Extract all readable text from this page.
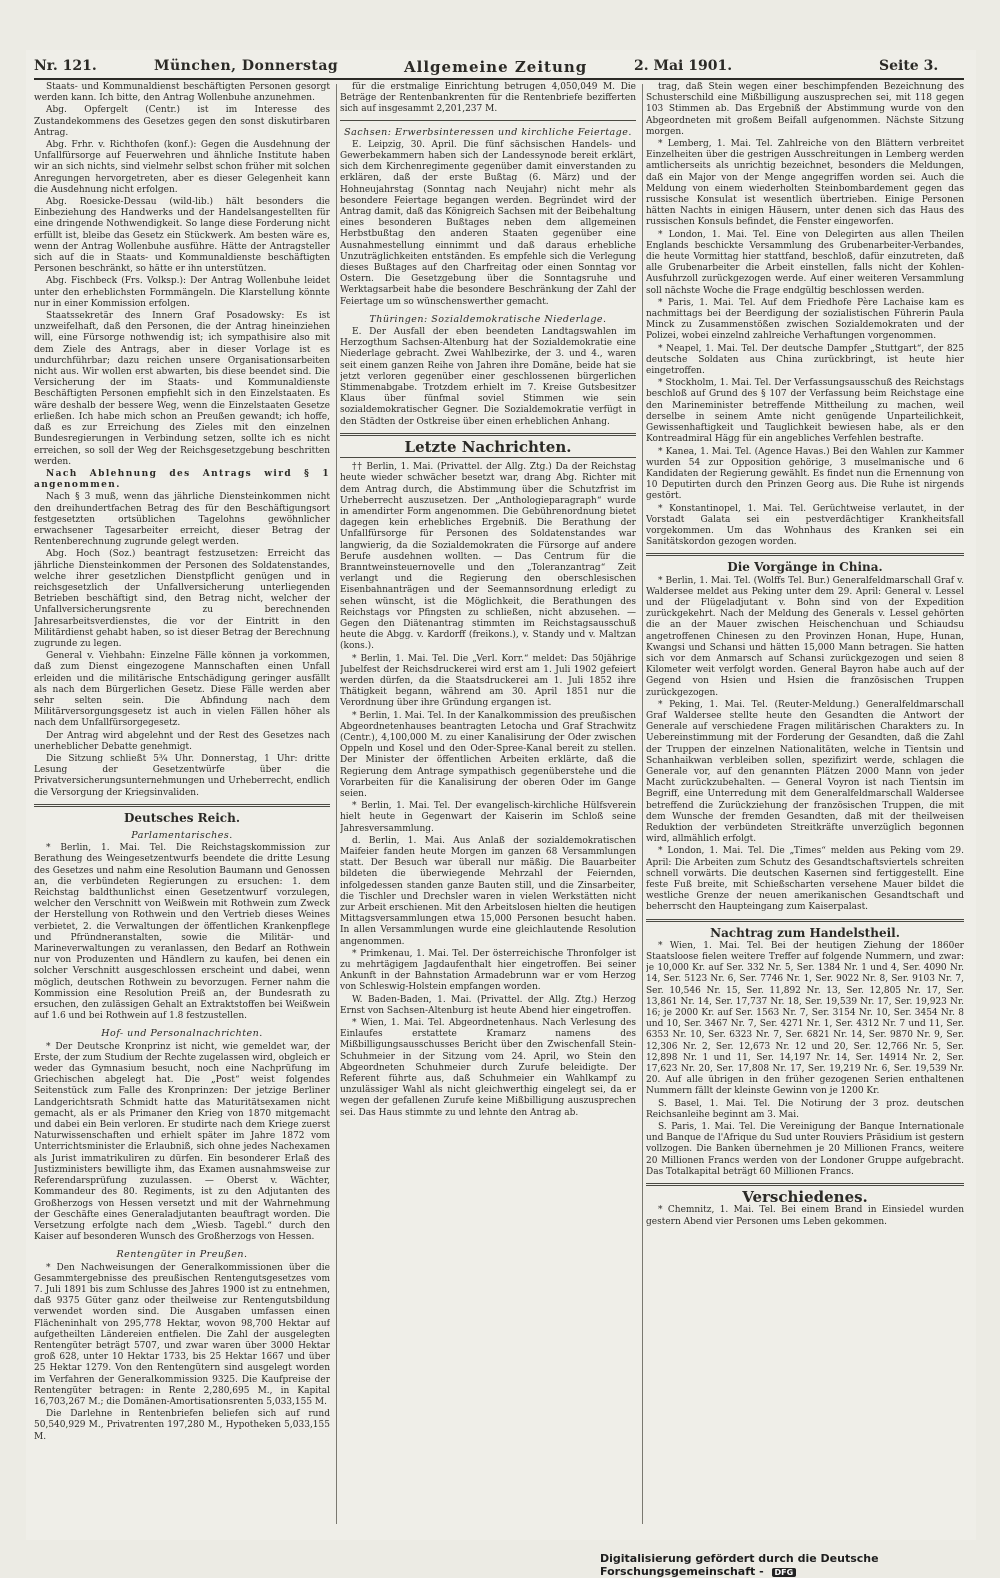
Nr. 121.	München, Donnerstag	Allgemeine Zeitung	2. Mai 1901.	Seite 3.

Staats- und Kommunaldienst beschäftigten Personen gesorgt werden kann. Ich bitte, den Antrag Wollenbuhe anzunehmen.

Abg. Opfergelt (Centr.) ist im Interesse des Zustandekommens des Gesetzes gegen den sonst diskutirbaren Antrag.

Abg. Frhr. v. Richthofen (konf.): Gegen die Ausdehnung der Unfallfürsorge auf Feuerwehren und ähnliche Institute haben wir an sich nichts, sind vielmehr selbst schon früher mit solchen Anregungen hervorgetreten, aber es dieser Gelegenheit kann die Ausdehnung nicht erfolgen.

Abg. Roesicke-Dessau (wild-lib.) hält besonders die Einbeziehung des Handwerks und der Handelsangestellten für eine dringende Nothwendigkeit. So lange diese Forderung nicht erfüllt ist, bleibe das Gesetz ein Stückwerk. Am besten wäre es, wenn der Antrag Wollenbuhe ausführe. Hätte der Antragsteller sich auf die in Staats- und Kommunaldienste beschäftigten Personen beschränkt, so hätte er ihn unterstützen.

Abg. Fischbeck (Frs. Volksp.): Der Antrag Wollenbuhe leidet unter den erheblichsten Formmängeln. Die Klarstellung könnte nur in einer Kommission erfolgen.

Staatssekretär des Innern Graf Posadowsky: Es ist unzweifelhaft, daß den Personen, die der Antrag hineinziehen will, eine Fürsorge nothwendig ist; ich sympathisire also mit dem Ziele des Antrags, aber in dieser Vorlage ist es undurchführbar; dazu reichen unsere Organisationsarbeiten nicht aus. Wir wollen erst abwarten, bis diese beendet sind. Die Versicherung der im Staats- und Kommunaldienste Beschäftigten Personen empfiehlt sich in den Einzelstaaten. Es wäre deshalb der bessere Weg, wenn die Einzelstaaten Gesetze erließen. Ich habe mich schon an Preußen gewandt; ich hoffe, daß es zur Erreichung des Zieles mit den einzelnen Bundesregierungen in Verbindung setzen, sollte ich es nicht erreichen, so soll der Weg der Reichsgesetzgebung beschritten werden.

Nach Ablehnung des Antrags wird § 1 angenommen.

Nach § 3 muß, wenn das jährliche Diensteinkommen nicht den dreihundertfachen Betrag des für den Beschäftigungsort festgesetzten ortsüblichen Tagelohns gewöhnlicher erwachsener Tagesarbeiter erreicht, dieser Betrag der Rentenberechnung zugrunde gelegt werden.

Abg. Hoch (Soz.) beantragt festzusetzen: Erreicht das jährliche Diensteinkommen der Personen des Soldatenstandes, welche ihrer gesetzlichen Dienstpflicht genügen und in reichsgesetzlich der Unfallversicherung unterliegenden Betrieben beschäftigt sind, den Betrag nicht, welcher der Unfallversicherungsrente zu berechnenden Jahresarbeitsverdienstes, die vor der Eintritt in den Militärdienst gehabt haben, so ist dieser Betrag der Berechnung zugrunde zu legen.

General v. Viehbahn: Einzelne Fälle können ja vorkommen, daß zum Dienst eingezogene Mannschaften einen Unfall erleiden und die militärische Entschädigung geringer ausfällt als nach dem Bürgerlichen Gesetz. Diese Fälle werden aber sehr selten sein. Die Abfindung nach dem Militärversorgungsgesetz ist auch in vielen Fällen höher als nach dem Unfallfürsorgegesetz.

Der Antrag wird abgelehnt und der Rest des Gesetzes nach unerheblicher Debatte genehmigt.

Die Sitzung schließt 5¾ Uhr. Donnerstag, 1 Uhr: dritte Lesung der Gesetzentwürfe über die Privatversicherungsunternehmungen und Urheberrecht, endlich die Versorgung der Kriegsinvaliden.

Deutsches Reich.
Parlamentarisches.

* Berlin, 1. Mai. Tel. Die Reichstagskommission zur Berathung des Weingesetzentwurfs beendete die dritte Lesung des Gesetzes und nahm eine Resolution Baumann und Genossen an, die verbündeten Regierungen zu ersuchen: 1. dem Reichstag baldthunlichst einen Gesetzentwurf vorzulegen, welcher den Verschnitt von Weißwein mit Rothwein zum Zweck der Herstellung von Rothwein und den Vertrieb dieses Weines verbietet, 2. die Verwaltungen der öffentlichen Krankenpflege und Pfründneranstalten, sowie die Militär- und Marineverwaltungen zu veranlassen, den Bedarf an Rothwein nur von Produzenten und Händlern zu kaufen, bei denen ein solcher Verschnitt ausgeschlossen erscheint und dabei, wenn möglich, deutschen Rothwein zu bevorzugen. Ferner nahm die Kommission eine Resolution Preiß an, der Bundesrath zu ersuchen, den zulässigen Gehalt an Extraktstoffen bei Weißwein auf 1.6 und bei Rothwein auf 1.8 festzustellen.

Hof- und Personalnachrichten.

* Der Deutsche Kronprinz ist nicht, wie gemeldet war, der Erste, der zum Studium der Rechte zugelassen wird, obgleich er weder das Gymnasium besucht, noch eine Nachprüfung im Griechischen abgelegt hat. Die „Post“ weist folgendes Seitenstück zum Falle des Kronprinzen: Der jetzige Berliner Landgerichtsrath Schmidt hatte das Maturitätsexamen nicht gemacht, als er als Primaner den Krieg von 1870 mitgemacht und dabei ein Bein verloren. Er studirte nach dem Kriege zuerst Naturwissenschaften und erhielt später im Jahre 1872 vom Unterrichtsminister die Erlaubniß, sich ohne jedes Nachexamen als Jurist immatrikuliren zu dürfen. Ein besonderer Erlaß des Justizministers bewilligte ihm, das Examen ausnahmsweise zur Referendarsprüfung zuzulassen. — Oberst v. Wächter, Kommandeur des 80. Regiments, ist zu den Adjutanten des Großherzogs von Hessen versetzt und mit der Wahrnehmung der Geschäfte eines Generaladjutanten beauftragt worden. Die Versetzung erfolgte nach dem „Wiesb. Tagebl.“ durch den Kaiser auf besonderen Wunsch des Großherzogs von Hessen.

Rentengüter in Preußen.

* Den Nachweisungen der Generalkommissionen über die Gesammtergebnisse des preußischen Rentengutsgesetzes vom 7. Juli 1891 bis zum Schlusse des Jahres 1900 ist zu entnehmen, daß 9375 Güter ganz oder theilweise zur Rentengutsbildung verwendet worden sind. Die Ausgaben umfassen einen Flächeninhalt von 295,778 Hektar, wovon 98,700 Hektar auf aufgetheilten Ländereien entfielen. Die Zahl der ausgelegten Rentengüter beträgt 5707, und zwar waren über 3000 Hektar groß 628, unter 10 Hektar 1733, bis 25 Hektar 1667 und über 25 Hektar 1279. Von den Rentengütern sind ausgelegt worden im Verfahren der Generalkommission 9325. Die Kaufpreise der Rentengüter betragen: in Rente 2,280,695 M., in Kapital 16,703,267 M.; die Domänen-Amortisationsrenten 5,033,155 M.

Die Darlehne in Rentenbriefen beliefen sich auf rund 50,540,929 M., Privatrenten 197,280 M., Hypotheken 5,033,155 M.

für die erstmalige Einrichtung betrugen 4,050,049 M. Die Beträge der Rentenbankrenten für die Rentenbriefe bezifferten sich auf insgesammt 2,201,237 M.

Sachsen: Erwerbsinteressen und kirchliche Feiertage.

E. Leipzig, 30. April. Die fünf sächsischen Handels- und Gewerbekammern haben sich der Landessynode bereit erklärt, sich dem Kirchenregimente gegenüber damit einverstanden zu erklären, daß der erste Bußtag (6. März) und der Hohneujahrstag (Sonntag nach Neujahr) nicht mehr als besondere Feiertage begangen werden. Begründet wird der Antrag damit, daß das Königreich Sachsen mit der Beibehaltung eines besonderen Bußtages neben dem allgemeinen Herbstbußtag den anderen Staaten gegenüber eine Ausnahmestellung einnimmt und daß daraus erhebliche Unzuträglichkeiten entständen. Es empfehle sich die Verlegung dieses Bußtages auf den Charfreitag oder einen Sonntag vor Ostern. Die Gesetzgebung über die Sonntagsruhe und Werktagsarbeit habe die besondere Beschränkung der Zahl der Feiertage um so wünschenswerther gemacht.

Thüringen: Sozialdemokratische Niederlage.

E. Der Ausfall der eben beendeten Landtagswahlen im Herzogthum Sachsen-Altenburg hat der Sozialdemokratie eine Niederlage gebracht. Zwei Wahlbezirke, der 3. und 4., waren seit einem ganzen Reihe von Jahren ihre Domäne, beide hat sie jetzt verloren gegenüber einer geschlossenen bürgerlichen Stimmenabgabe. Trotzdem erhielt im 7. Kreise Gutsbesitzer Klaus über fünfmal soviel Stimmen wie sein sozialdemokratischer Gegner. Die Sozialdemokratie verfügt in den Städten der Ostkreise über einen erheblichen Anhang.

Letzte Nachrichten.

†† Berlin, 1. Mai. (Privattel. der Allg. Ztg.) Da der Reichstag heute wieder schwächer besetzt war, drang Abg. Richter mit dem Antrag durch, die Abstimmung über die Schutzfrist im Urheberrecht auszusetzen. Der „Anthologieparagraph“ wurde in amendirter Form angenommen. Die Gebührenordnung bietet dagegen kein erhebliches Ergebniß. Die Berathung der Unfallfürsorge für Personen des Soldatenstandes war langwierig, da die Sozialdemokraten die Fürsorge auf andere Berufe ausdehnen wollten. — Das Centrum für die Branntweinsteuernovelle und den „Toleranzantrag“ Zeit verlangt und die Regierung den oberschlesischen Eisenbahnanträgen und der Seemannsordnung erledigt zu sehen wünscht, ist die Möglichkeit, die Berathungen des Reichstags vor Pfingsten zu schließen, nicht abzusehen. — Gegen den Diätenantrag stimmten im Reichstagsausschuß heute die Abgg. v. Kardorff (freikons.), v. Standy und v. Maltzan (kons.).

* Berlin, 1. Mai. Tel. Die „Verl. Korr.“ meldet: Das 50jährige Jubelfest der Reichsdruckerei wird erst am 1. Juli 1902 gefeiert werden dürfen, da die Staatsdruckerei am 1. Juli 1852 ihre Thätigkeit begann, während am 30. April 1851 nur die Verordnung über ihre Gründung ergangen ist.

* Berlin, 1. Mai. Tel. In der Kanalkommission des preußischen Abgeordnetenhauses beantragten Letocha und Graf Strachwitz (Centr.), 4,100,000 M. zu einer Kanalisirung der Oder zwischen Oppeln und Kosel und den Oder-Spree-Kanal bereit zu stellen. Der Minister der öffentlichen Arbeiten erklärte, daß die Regierung dem Antrage sympathisch gegenüberstehe und die Vorarbeiten für die Kanalisirung der oberen Oder im Gange seien.

* Berlin, 1. Mai. Tel. Der evangelisch-kirchliche Hülfsverein hielt heute in Gegenwart der Kaiserin im Schloß seine Jahresversammlung.

d. Berlin, 1. Mai. Aus Anlaß der sozialdemokratischen Maifeier fanden heute Morgen im ganzen 68 Versammlungen statt. Der Besuch war überall nur mäßig. Die Bauarbeiter bildeten die überwiegende Mehrzahl der Feiernden, infolgedessen standen ganze Bauten still, und die Zinsarbeiter, die Tischler und Drechsler waren in vielen Werkstätten nicht zur Arbeit erschienen. Mit den Arbeitslosen hielten die heutigen Mittagsversammlungen etwa 15,000 Personen besucht haben. In allen Versammlungen wurde eine gleichlautende Resolution angenommen.

* Primkenau, 1. Mai. Tel. Der österreichische Thronfolger ist zu mehrtägigem Jagdaufenthalt hier eingetroffen. Bei seiner Ankunft in der Bahnstation Armadebrunn war er vom Herzog von Schleswig-Holstein empfangen worden.

W. Baden-Baden, 1. Mai. (Privattel. der Allg. Ztg.) Herzog Ernst von Sachsen-Altenburg ist heute Abend hier eingetroffen.

* Wien, 1. Mai. Tel. Abgeordnetenhaus. Nach Verlesung des Einlaufes erstattete Kramarz namens des Mißbilligungsausschusses Bericht über den Zwischenfall Stein-Schuhmeier in der Sitzung vom 24. April, wo Stein den Abgeordneten Schuhmeier durch Zurufe beleidigte. Der Referent führte aus, daß Schuhmeier ein Wahlkampf zu unzulässiger Wahl als nicht gleichwerthig eingelegt sei, da er wegen der gefallenen Zurufe keine Mißbilligung auszusprechen sei. Das Haus stimmte zu und lehnte den Antrag ab.

trag, daß Stein wegen einer beschimpfenden Bezeichnung des Schusterschild eine Mißbilligung auszusprechen sei, mit 118 gegen 103 Stimmen ab. Das Ergebniß der Abstimmung wurde von den Abgeordneten mit großem Beifall aufgenommen. Nächste Sitzung morgen.

* Lemberg, 1. Mai. Tel. Zahlreiche von den Blättern verbreitet Einzelheiten über die gestrigen Ausschreitungen in Lemberg werden amtlicherseits als unrichtig bezeichnet, besonders die Meldungen, daß ein Major von der Menge angegriffen worden sei. Auch die Meldung von einem wiederholten Steinbombardement gegen das russische Konsulat ist wesentlich übertrieben. Einige Personen hätten Nachts in einigen Häusern, unter denen sich das Haus des russischen Konsuls befindet, die Fenster eingeworfen.

* London, 1. Mai. Tel. Eine von Delegirten aus allen Theilen Englands beschickte Versammlung des Grubenarbeiter-Verbandes, die heute Vormittag hier stattfand, beschloß, dafür einzutreten, daß alle Grubenarbeiter die Arbeit einstellen, falls nicht der Kohlen-Ausfuhrzoll zurückgezogen werde. Auf einer weiteren Versammlung soll nächste Woche die Frage endgültig beschlossen werden.

* Paris, 1. Mai. Tel. Auf dem Friedhofe Père Lachaise kam es nachmittags bei der Beerdigung der sozialistischen Führerin Paula Minck zu Zusammenstößen zwischen Sozialdemokraten und der Polizei, wobei einzelnd zahlreiche Verhaftungen vorgenommen.

* Neapel, 1. Mai. Tel. Der deutsche Dampfer „Stuttgart“, der 825 deutsche Soldaten aus China zurückbringt, ist heute hier eingetroffen.

* Stockholm, 1. Mai. Tel. Der Verfassungsausschuß des Reichstags beschloß auf Grund des § 107 der Verfassung beim Reichstage eine den Marineminister betreffende Mittheilung zu machen, weil derselbe in seinem Amte nicht genügende Unparteilichkeit, Gewissenhaftigkeit und Tauglichkeit bewiesen habe, als er den Kontreadmiral Hägg für ein angebliches Verfehlen bestrafte.

* Kanea, 1. Mai. Tel. (Agence Havas.) Bei den Wahlen zur Kammer wurden 54 zur Opposition gehörige, 3 muselmanische und 6 Kandidaten der Regierung gewählt. Es findet nun die Ernennung von 10 Deputirten durch den Prinzen Georg aus. Die Ruhe ist nirgends gestört.

* Konstantinopel, 1. Mai. Tel. Gerüchtweise verlautet, in der Vorstadt Galata sei ein pestverdächtiger Krankheitsfall vorgekommen. Um das Wohnhaus des Kranken sei ein Sanitätskordon gezogen worden.

Die Vorgänge in China.

* Berlin, 1. Mai. Tel. (Wolffs Tel. Bur.) Generalfeldmarschall Graf v. Waldersee meldet aus Peking unter dem 29. April: General v. Lessel und der Flügeladjutant v. Bohn sind von der Expedition zurückgekehrt. Nach der Meldung des Generals v. Lessel gehörten die an der Mauer zwischen Heischenchuan und Schiaudsu angetroffenen Chinesen zu den Provinzen Honan, Hupe, Hunan, Kwangsi und Schansi und hätten 15,000 Mann betragen. Sie hatten sich vor dem Anmarsch auf Schansi zurückgezogen und seien 8 Kilometer weit verfolgt worden. General Bayron habe auch auf der Gegend von Hsien und Hsien die französischen Truppen zurückgezogen.

* Peking, 1. Mai. Tel. (Reuter-Meldung.) Generalfeldmarschall Graf Waldersee stellte heute den Gesandten die Antwort der Generale auf verschiedene Fragen militärischen Charakters zu. In Uebereinstimmung mit der Forderung der Gesandten, daß die Zahl der Truppen der einzelnen Nationalitäten, welche in Tientsin und Schanhaikwan verbleiben sollen, spezifizirt werde, schlagen die Generale vor, auf den genannten Plätzen 2000 Mann von jeder Macht zurückzubehalten. — General Voyron ist nach Tientsin im Begriff, eine Unterredung mit dem Generalfeldmarschall Waldersee betreffend die Zurückziehung der französischen Truppen, die mit dem Wunsche der fremden Gesandten, daß mit der theilweisen Reduktion der verbündeten Streitkräfte unverzüglich begonnen wird, allmählich erfolgt.

* London, 1. Mai. Tel. Die „Times“ melden aus Peking vom 29. April: Die Arbeiten zum Schutz des Gesandtschaftsviertels schreiten schnell vorwärts. Die deutschen Kasernen sind fertiggestellt. Eine feste Fuß breite, mit Schießscharten versehene Mauer bildet die westliche Grenze der neuen amerikanischen Gesandtschaft und beherrscht den Haupteingang zum Kaiserpalast.

Nachtrag zum Handelstheil.

* Wien, 1. Mai. Tel. Bei der heutigen Ziehung der 1860er Staatsloose fielen weitere Treffer auf folgende Nummern, und zwar: je 10,000 Kr. auf Ser. 332 Nr. 5, Ser. 1384 Nr. 1 und 4, Ser. 4090 Nr. 14, Ser. 5123 Nr. 6, Ser. 7746 Nr. 1, Ser. 9022 Nr. 8, Ser. 9103 Nr. 7, Ser. 10,546 Nr. 15, Ser. 11,892 Nr. 13, Ser. 12,805 Nr. 17, Ser. 13,861 Nr. 14, Ser. 17,737 Nr. 18, Ser. 19,539 Nr. 17, Ser. 19,923 Nr. 16; je 2000 Kr. auf Ser. 1563 Nr. 7, Ser. 3154 Nr. 10, Ser. 3454 Nr. 8 und 10, Ser. 3467 Nr. 7, Ser. 4271 Nr. 1, Ser. 4312 Nr. 7 und 11, Ser. 6353 Nr. 10, Ser. 6323 Nr. 7, Ser. 6821 Nr. 14, Ser. 9870 Nr. 9, Ser. 12,306 Nr. 2, Ser. 12,673 Nr. 12 und 20, Ser. 12,766 Nr. 5, Ser. 12,898 Nr. 1 und 11, Ser. 14,197 Nr. 14, Ser. 14914 Nr. 2, Ser. 17,623 Nr. 20, Ser. 17,808 Nr. 17, Ser. 19,219 Nr. 6, Ser. 19,539 Nr. 20. Auf alle übrigen in den früher gezogenen Serien enthaltenen Nummern fällt der kleinste Gewinn von je 1200 Kr.

S. Basel, 1. Mai. Tel. Die Notirung der 3 proz. deutschen Reichsanleihe beginnt am 3. Mai.

S. Paris, 1. Mai. Tel. Die Vereinigung der Banque Internationale und Banque de l'Afrique du Sud unter Rouviers Präsidium ist gestern vollzogen. Die Banken übernehmen je 20 Millionen Francs, weitere 20 Millionen Francs werden von der Londoner Gruppe aufgebracht. Das Totalkapital beträgt 60 Millionen Francs.

Verschiedenes.

* Chemnitz, 1. Mai. Tel. Bei einem Brand in Einsiedel wurden gestern Abend vier Personen ums Leben gekommen.

Digitalisierung gefördert durch die Deutsche Forschungsgemeinschaft - DFG
